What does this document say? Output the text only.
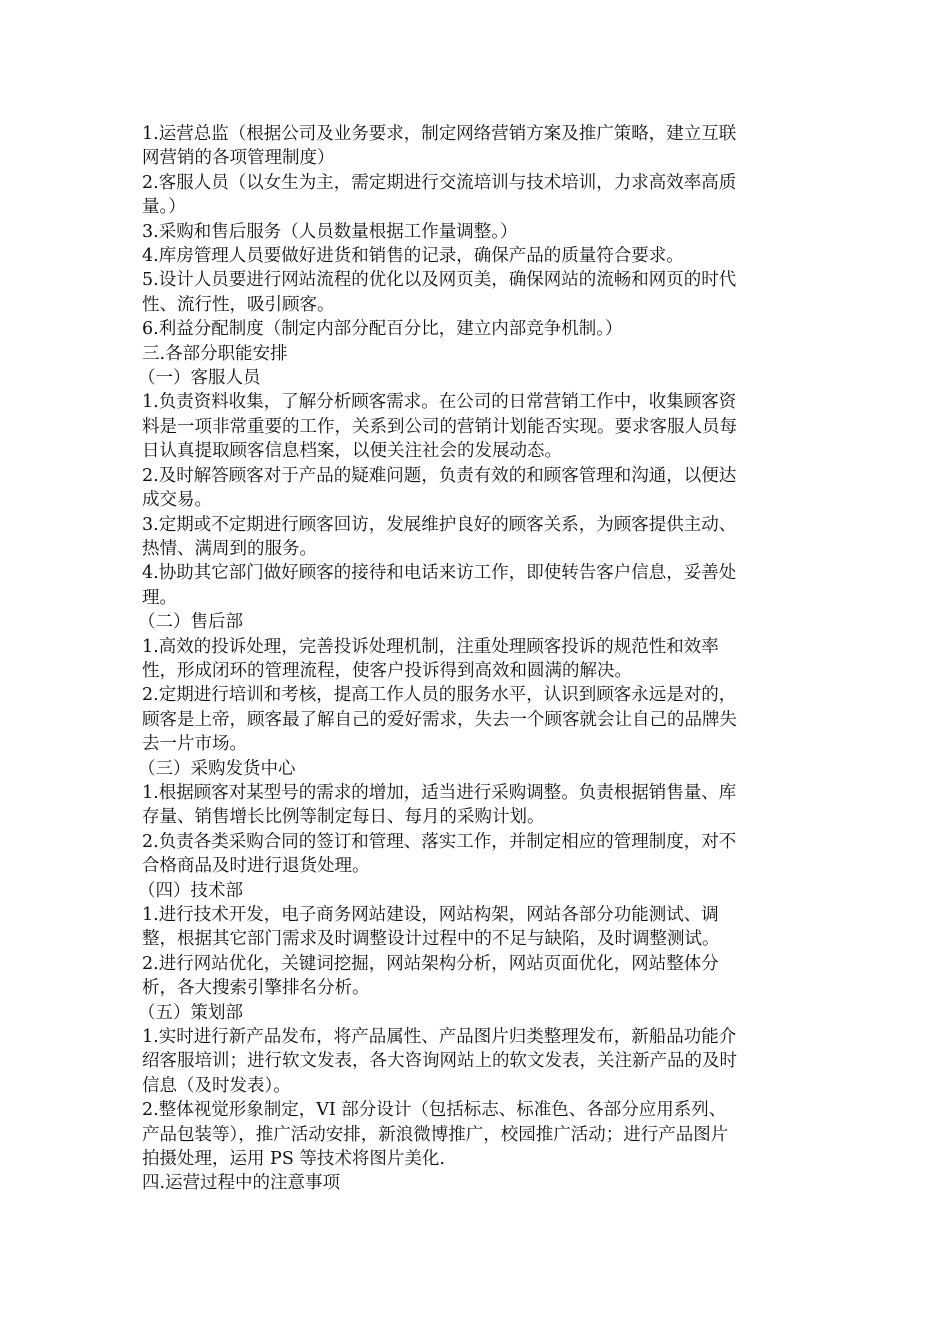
1.运营总监（根据公司及业务要求，制定网络营销方案及推广策略，建立互联
网营销的各项管理制度）
2.客服人员（以女生为主，需定期进行交流培训与技术培训，力求高效率高质
量。）
3.采购和售后服务（人员数量根据工作量调整。）
4.库房管理人员要做好进货和销售的记录，确保产品的质量符合要求。
5.设计人员要进行网站流程的优化以及网页美，确保网站的流畅和网页的时代
性、流行性，吸引顾客。
6.利益分配制度（制定内部分配百分比，建立内部竞争机制。）
三.各部分职能安排
（一）客服人员
1.负责资料收集，了解分析顾客需求。在公司的日常营销工作中，收集顾客资
料是一项非常重要的工作，关系到公司的营销计划能否实现。要求客服人员每
日认真提取顾客信息档案，以便关注社会的发展动态。
2.及时解答顾客对于产品的疑难问题，负责有效的和顾客管理和沟通，以便达
成交易。
3.定期或不定期进行顾客回访，发展维护良好的顾客关系，为顾客提供主动、
热情、满周到的服务。
4.协助其它部门做好顾客的接待和电话来访工作，即使转告客户信息，妥善处
理。
（二）售后部
1.高效的投诉处理，完善投诉处理机制，注重处理顾客投诉的规范性和效率
性，形成闭环的管理流程，使客户投诉得到高效和圆满的解决。
2.定期进行培训和考核，提高工作人员的服务水平，认识到顾客永远是对的，
顾客是上帝，顾客最了解自己的爱好需求，失去一个顾客就会让自己的品牌失
去一片市场。
（三）采购发货中心
1.根据顾客对某型号的需求的增加，适当进行采购调整。负责根据销售量、库
存量、销售增长比例等制定每日、每月的采购计划。
2.负责各类采购合同的签订和管理、落实工作，并制定相应的管理制度，对不
合格商品及时进行退货处理。
（四）技术部
1.进行技术开发，电子商务网站建设，网站构架，网站各部分功能测试、调
整，根据其它部门需求及时调整设计过程中的不足与缺陷，及时调整测试。
2.进行网站优化，关键词挖掘，网站架构分析，网站页面优化，网站整体分
析，各大搜索引擎排名分析。
（五）策划部
1.实时进行新产品发布，将产品属性、产品图片归类整理发布，新船品功能介
绍客服培训；进行软文发表，各大咨询网站上的软文发表，关注新产品的及时
信息（及时发表）。
2.整体视觉形象制定，VI 部分设计（包括标志、标准色、各部分应用系列、
产品包装等），推广活动安排，新浪微博推广，校园推广活动；进行产品图片
拍摄处理，运用 PS 等技术将图片美化.
四.运营过程中的注意事项
